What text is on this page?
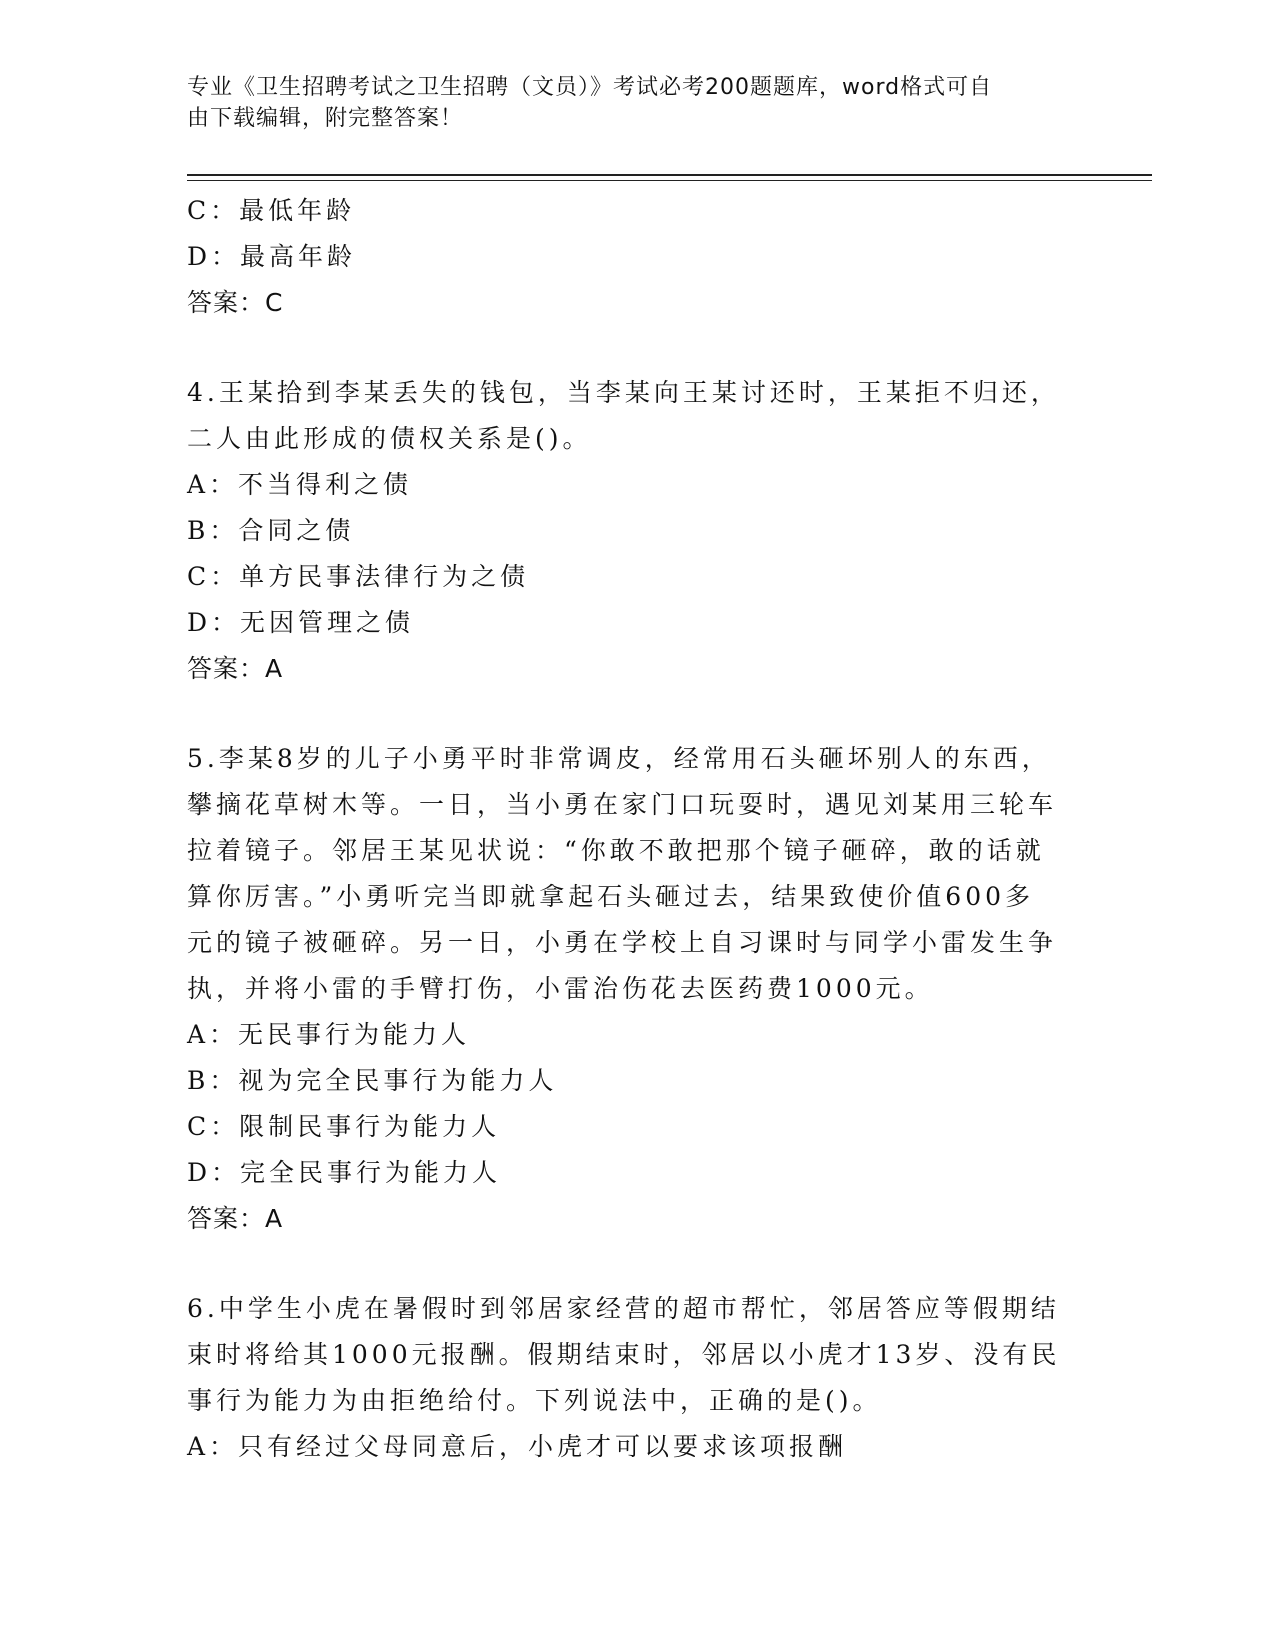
专业《卫生招聘考试之卫生招聘（文员）》考试必考200题题库，word格式可自
由下载编辑，附完整答案！
C：最低年龄
D：最高年龄
答案：C
4.王某拾到李某丢失的钱包，当李某向王某讨还时，王某拒不归还，
二人由此形成的债权关系是()。
A：不当得利之债
B：合同之债
C：单方民事法律行为之债
D：无因管理之债
答案：A
5.李某8岁的儿子小勇平时非常调皮，经常用石头砸坏别人的东西，
攀摘花草树木等。一日，当小勇在家门口玩耍时，遇见刘某用三轮车
拉着镜子。邻居王某见状说：“你敢不敢把那个镜子砸碎，敢的话就
算你厉害。”小勇听完当即就拿起石头砸过去，结果致使价值600多
元的镜子被砸碎。另一日，小勇在学校上自习课时与同学小雷发生争
执，并将小雷的手臂打伤，小雷治伤花去医药费1000元。
A：无民事行为能力人
B：视为完全民事行为能力人
C：限制民事行为能力人
D：完全民事行为能力人
答案：A
6.中学生小虎在暑假时到邻居家经营的超市帮忙，邻居答应等假期结
束时将给其1000元报酬。假期结束时，邻居以小虎才13岁、没有民
事行为能力为由拒绝给付。下列说法中，正确的是()。
A：只有经过父母同意后，小虎才可以要求该项报酬
